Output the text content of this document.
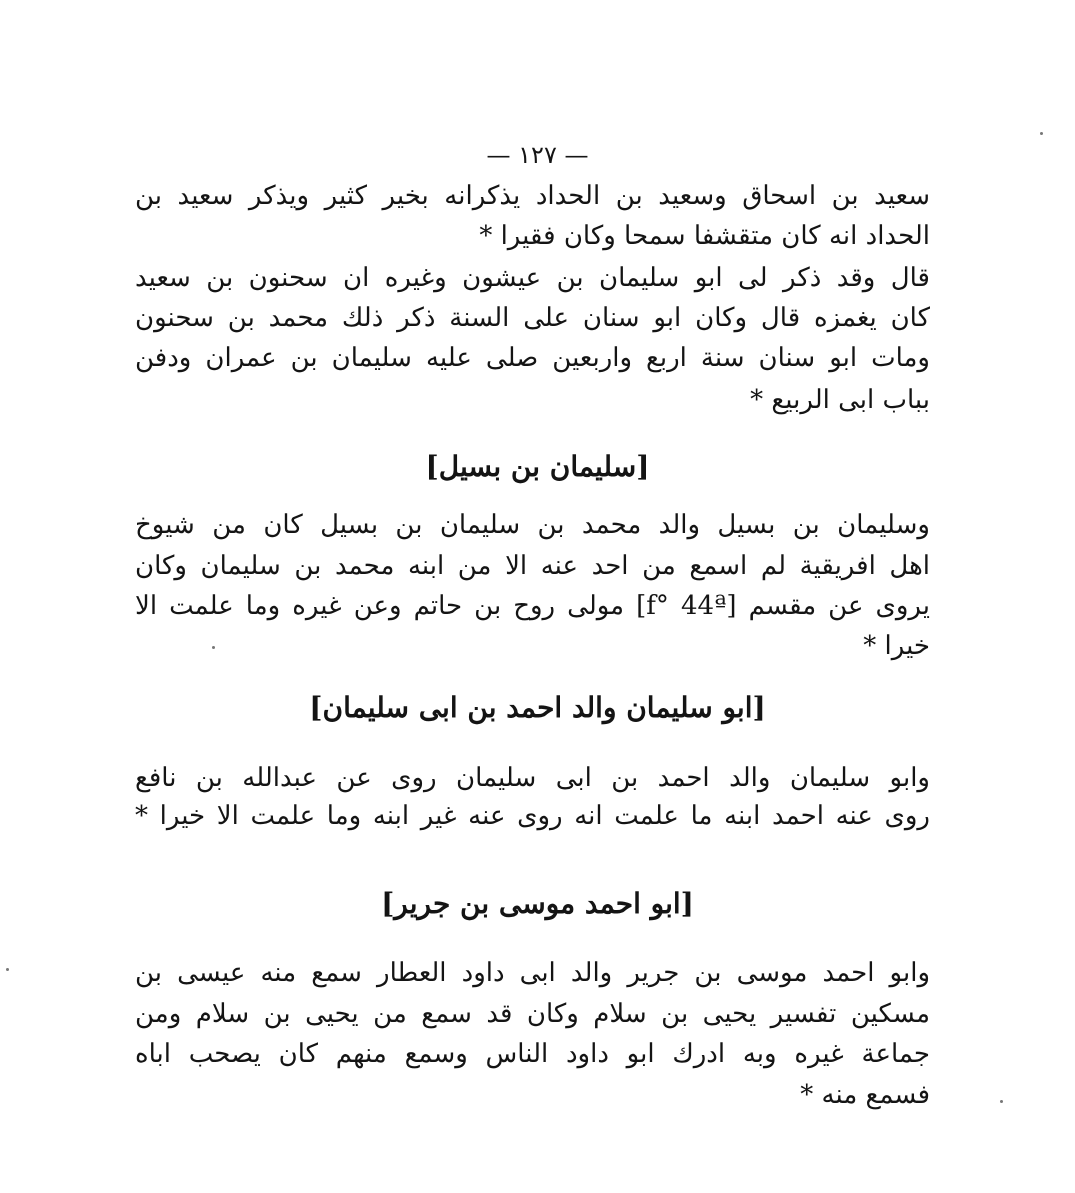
— ١٢٧ —
سعيد بن اسحاق وسعيد بن الحداد يذكرانه بخير كثير ويذكر سعيد بن
الحداد انه كان متقشفا سمحا وكان فقيرا *
قال وقد ذكر لى ابو سليمان بن عيشون وغيره ان سحنون بن سعيد
كان يغمزه قال وكان ابو سنان على السنة ذكر ذلك محمد بن سحنون
ومات ابو سنان سنة اربع واربعين صلى عليه سليمان بن عمران ودفن
بباب ابى الربيع *
[سليمان بن بسيل]
وسليمان بن بسيل والد محمد بن سليمان بن بسيل كان من شيوخ
اهل افريقية لم اسمع من احد عنه الا من ابنه محمد بن سليمان وكان
يروى عن مقسم [f° 44ª] مولى روح بن حاتم وعن غيره وما علمت الا
خيرا *
[ابو سليمان والد احمد بن ابى سليمان]
وابو سليمان والد احمد بن ابى سليمان روى عن عبدالله بن نافع
روى عنه احمد ابنه ما علمت انه روى عنه غير ابنه وما علمت الا خيرا *
[ابو احمد موسى بن جرير]
وابو احمد موسى بن جرير والد ابى داود العطار سمع منه عيسى بن
مسكين تفسير يحيى بن سلام وكان قد سمع من يحيى بن سلام ومن
جماعة غيره وبه ادرك ابو داود الناس وسمع منهم كان يصحب اباه
فسمع منه *
